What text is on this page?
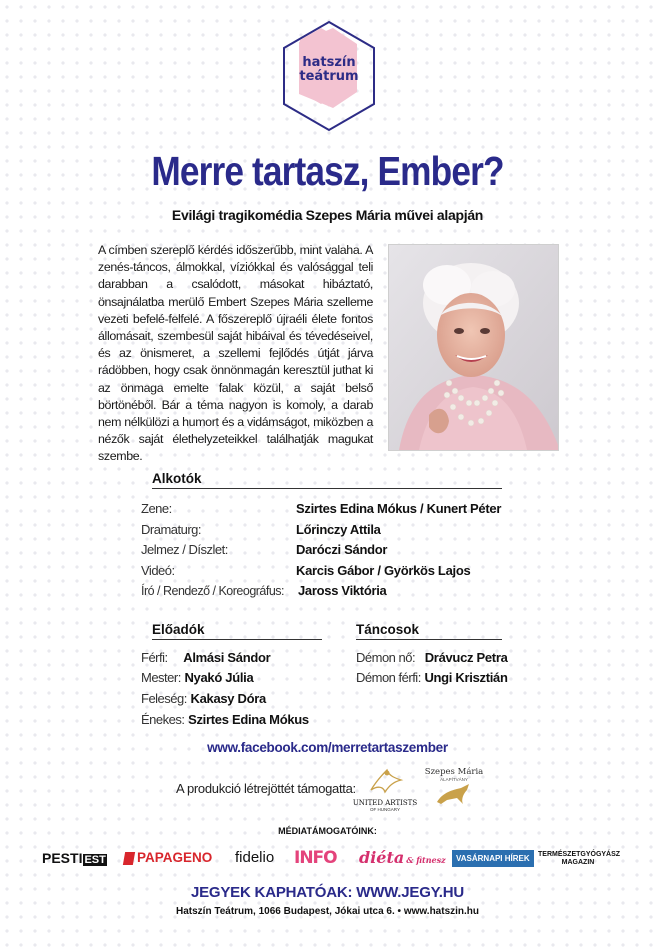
hatszín
teátrum
Merre tartasz, Ember?
Evilági tragikomédia Szepes Mária művei alapján
A címben szereplő kérdés időszerűbb, mint valaha. A zenés-táncos, álmokkal, víziókkal és valósággal teli darabban a csalódott, másokat hibáztató, önsajnálatba merülő Embert Szepes Mária szelleme vezeti befelé-felfelé. A főszereplő újraéli élete fontos állomásait, szembesül saját hibáival és tévedéseivel, és az önismeret, a szellemi fejlődés útját járva rádöbben, hogy csak önnönmagán keresztül juthat ki az önmaga emelte falak közül, a saját belső börtönéből. Bár a téma nagyon is komoly, a darab nem nélkülözi a humort és a vidámságot, miközben a nézők saját élethelyzeteikkel találhatják magukat szembe.
Alkotók
Zene:	Szirtes Edina Mókus / Kunert Péter
Dramaturg:	Lőrinczy Attila
Jelmez / Díszlet:	Daróczi Sándor
Videó:	Karcis Gábor / Györkös Lajos
Író / Rendező / Koreográfus: Jaross Viktória
Előadók
Férfi: Almási Sándor
Mester: Nyakó Júlia
Feleség: Kakasy Dóra
Énekes: Szirtes Edina Mókus
Táncosok
Démon nő: Drávucz Petra
Démon férfi: Ungi Krisztián
www.facebook.com/merretartaszember
A produkció létrejöttét támogatta:
UNITED ARTISTS
OF HUNGARY
Szepes Mária
ALAPÍTVÁNY
MÉDIATÁMOGATÓINK:
PESTI EST	PAPAGENO fidelio INFO diéta & fitnesz	VASÁRNAPI HÍREK	TERMÉSZETGYÓGYÁSZ
MAGAZIN
JEGYEK KAPHATÓAK: WWW.JEGY.HU
Hatszín Teátrum, 1066 Budapest, Jókai utca 6. • www.hatszin.hu
